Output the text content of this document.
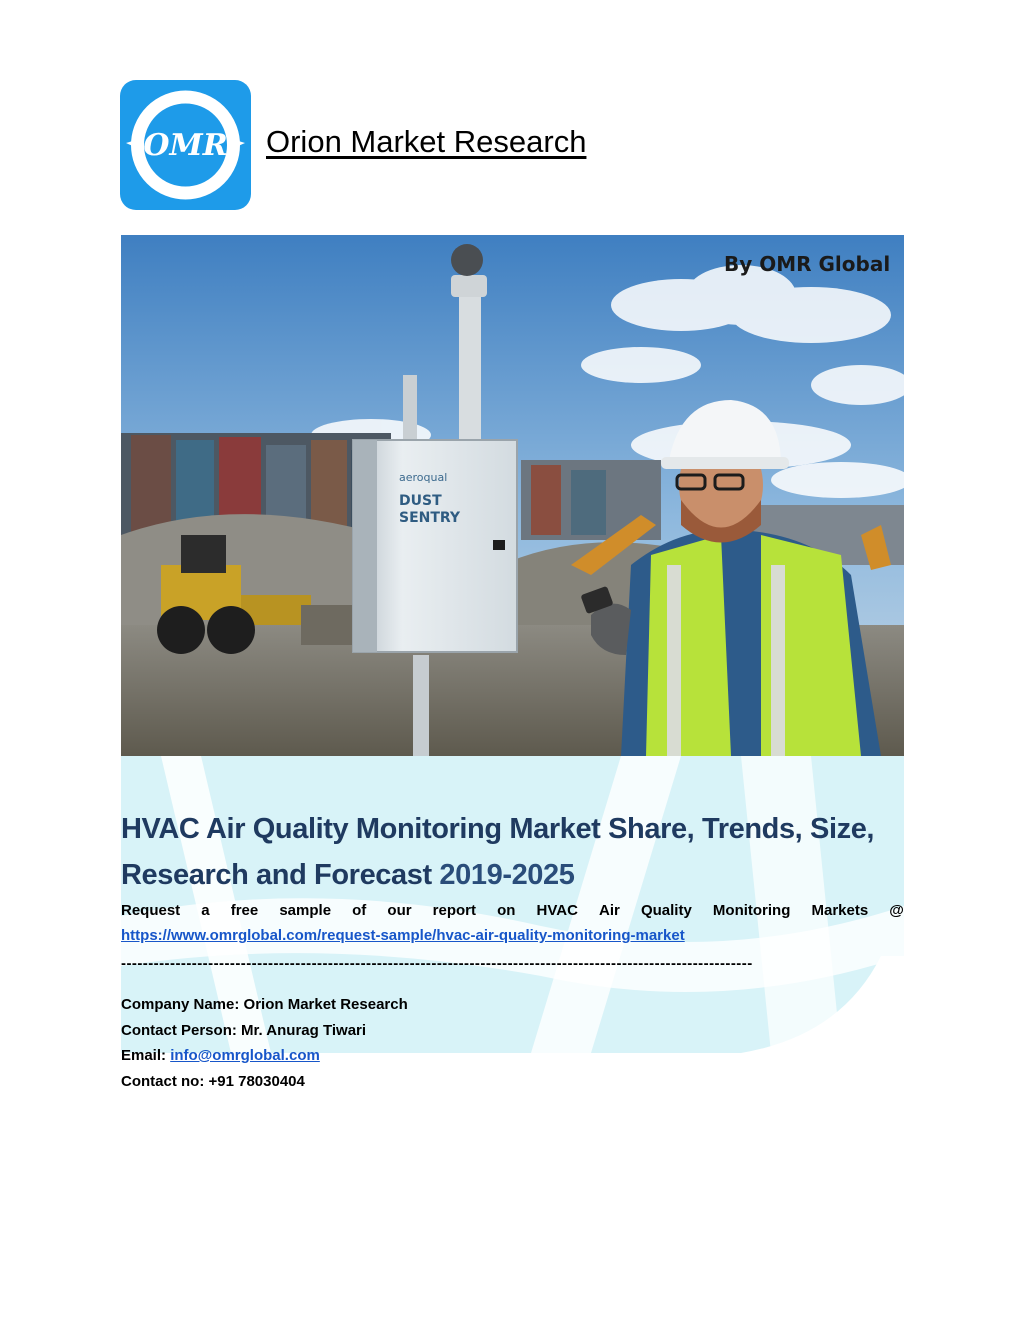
OMR Orion Market Research
aeroqual
DUST
SENTRY
By OMR Global
HVAC Air Quality Monitoring Market Share, Trends, Size, Research and Forecast 2019-2025
Request a free sample of our report on HVAC Air Quality Monitoring Markets @
https://www.omrglobal.com/request-sample/hvac-air-quality-monitoring-market
--------------------------------------------------------------------------------------------------------------------
Company Name: Orion Market Research
Contact Person: Mr. Anurag Tiwari
Email: info@omrglobal.com
Contact no: +91 78030404
